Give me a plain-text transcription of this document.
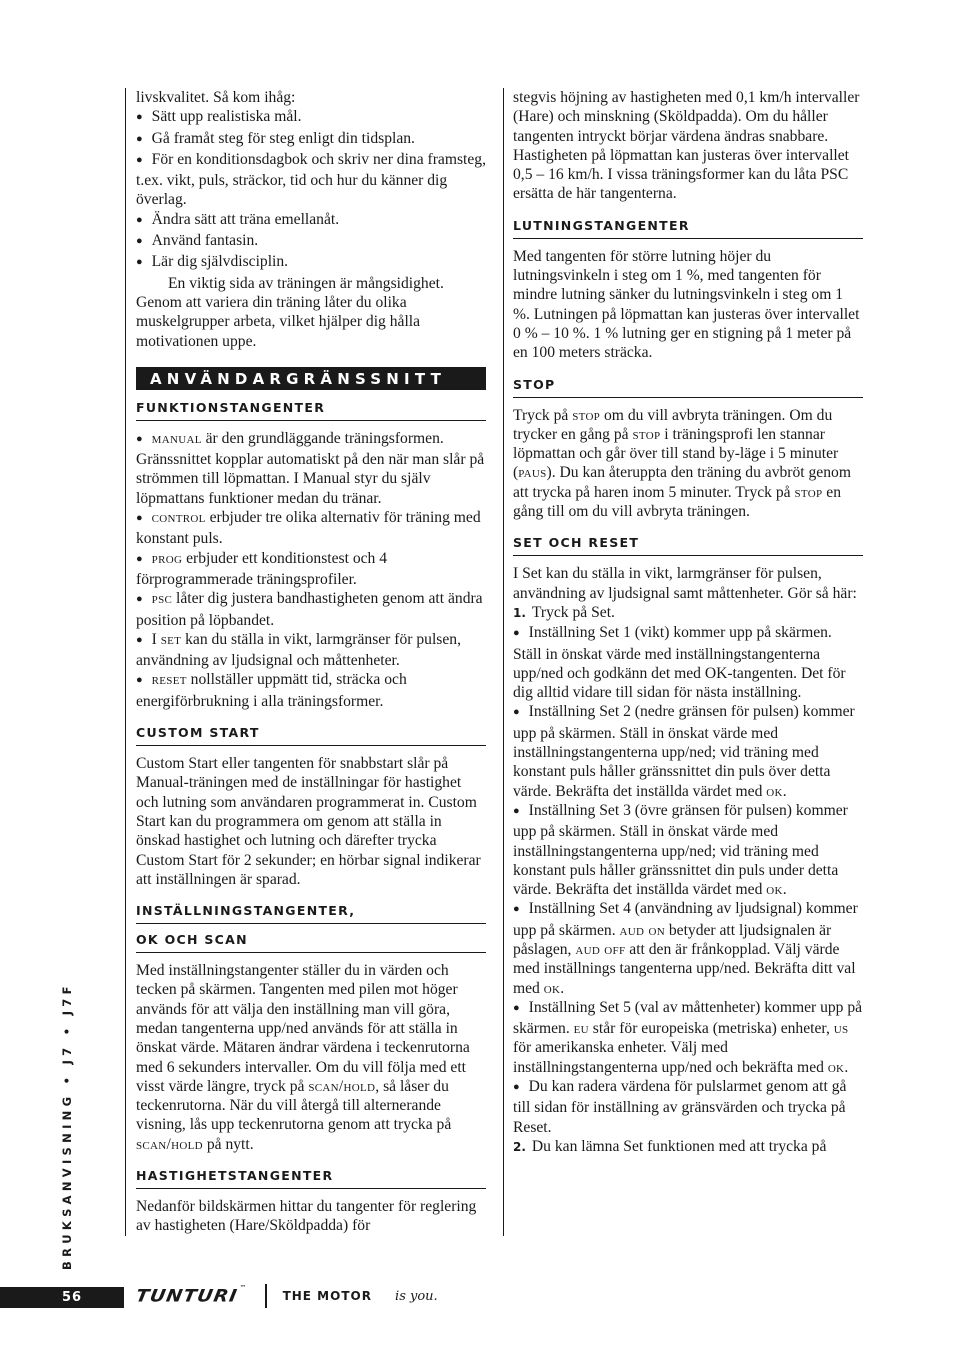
livskvalitet. Så kom ihåg:

● Sätt upp realistiska mål.

● Gå framåt steg för steg enligt din tidsplan.

● För en konditionsdagbok och skriv ner dina framsteg, t.ex. vikt, puls, sträckor, tid och hur du känner dig överlag.

● Ändra sätt att träna emellanåt.

● Använd fantasin.

● Lär dig självdisciplin.

En viktig sida av träningen är mångsidighet. Genom att variera din träning låter du olika muskelgrupper arbeta, vilket hjälper dig hålla motivationen uppe.

ANVÄNDARGRÄNSSNITT
FUNKTIONSTANGENTER

● manual är den grundläggande träningsformen. Gränssnittet kopplar automatiskt på den när man slår på strömmen till löpmattan. I Manual styr du själv löpmattans funktioner medan du tränar.

● control erbjuder tre olika alternativ för träning med konstant puls.

● prog erbjuder ett konditionstest och 4 förprogrammerade träningsprofiler.

● psc låter dig justera bandhastigheten genom att ändra position på löpbandet.

● I set kan du ställa in vikt, larmgränser för pulsen, användning av ljudsignal och måttenheter.

● reset nollställer uppmätt tid, sträcka och energiförbrukning i alla träningsformer.

CUSTOM START

Custom Start eller tangenten för snabbstart slår på Manual-träningen med de inställningar för hastighet och lutning som användaren programmerat in. Custom Start kan du programmera om genom att ställa in önskad hastighet och lutning och därefter trycka Custom Start för 2 sekunder; en hörbar signal indikerar att inställningen är sparad.

INSTÄLLNINGSTANGENTER,
OK OCH SCAN

Med inställningstangenter ställer du in värden och tecken på skärmen. Tangenten med pilen mot höger används för att välja den inställning man vill göra, medan tangenterna upp/ned används för att ställa in önskat värde. Mätaren ändrar värdena i teckenrutorna med 6 sekunders intervaller. Om du vill följa med ett visst värde längre, tryck på scan/hold, så låser du teckenrutorna. När du vill återgå till alternerande visning, lås upp teckenrutorna genom att trycka på scan/hold på nytt.

HASTIGHETSTANGENTER

Nedanför bildskärmen hittar du tangenter för reglering av hastigheten (Hare/Sköldpadda) för

stegvis höjning av hastigheten med 0,1 km/h intervaller (Hare) och minskning (Sköldpadda). Om du håller tangenten intryckt börjar värdena ändras snabbare. Hastigheten på löpmattan kan justeras över intervallet 0,5 – 16 km/h. I vissa träningsformer kan du låta PSC ersätta de här tangenterna.

LUTNINGSTANGENTER

Med tangenten för större lutning höjer du lutningsvinkeln i steg om 1 %, med tangenten för mindre lutning sänker du lutningsvinkeln i steg om 1 %. Lutningen på löpmattan kan justeras över intervallet 0 % – 10 %. 1 % lutning ger en stigning på 1 meter på en 100 meters sträcka.

STOP

Tryck på stop om du vill avbryta träningen. Om du trycker en gång på stop i träningsprofi len stannar löpmattan och går över till stand by-läge i 5 minuter (paus). Du kan återuppta den träning du avbröt genom att trycka på haren inom 5 minuter. Tryck på stop en gång till om du vill avbryta träningen.

SET OCH RESET

I Set kan du ställa in vikt, larmgränser för pulsen, användning av ljudsignal samt måttenheter. Gör så här:

1. Tryck på Set.

● Inställning Set 1 (vikt) kommer upp på skärmen. Ställ in önskat värde med inställningstangenterna upp/ned och godkänn det med OK-tangenten. Det för dig alltid vidare till sidan för nästa inställning.

● Inställning Set 2 (nedre gränsen för pulsen) kommer upp på skärmen. Ställ in önskat värde med inställningstangenterna upp/ned; vid träning med konstant puls håller gränssnittet din puls över detta värde. Bekräfta det inställda värdet med ok.

● Inställning Set 3 (övre gränsen för pulsen) kommer upp på skärmen. Ställ in önskat värde med inställningstangenterna upp/ned; vid träning med konstant puls håller gränssnittet din puls under detta värde. Bekräfta det inställda värdet med ok.

● Inställning Set 4 (användning av ljudsignal) kommer upp på skärmen. aud on betyder att ljudsignalen är påslagen, aud off att den är frånkopplad. Välj värde med inställnings tangenterna upp/ned. Bekräfta ditt val med ok.

● Inställning Set 5 (val av måttenheter) kommer upp på skärmen. eu står för europeiska (metriska) enheter, us för amerikanska enheter. Välj med inställningstangenterna upp/ned och bekräfta med ok.

● Du kan radera värdena för pulslarmet genom att gå till sidan för inställning av gränsvärden och trycka på Reset.

2. Du kan lämna Set funktionen med att trycka på

BRUKSANVISNING • J7 • J7F
56	TUNTURI™  THE MOTOR is you.
